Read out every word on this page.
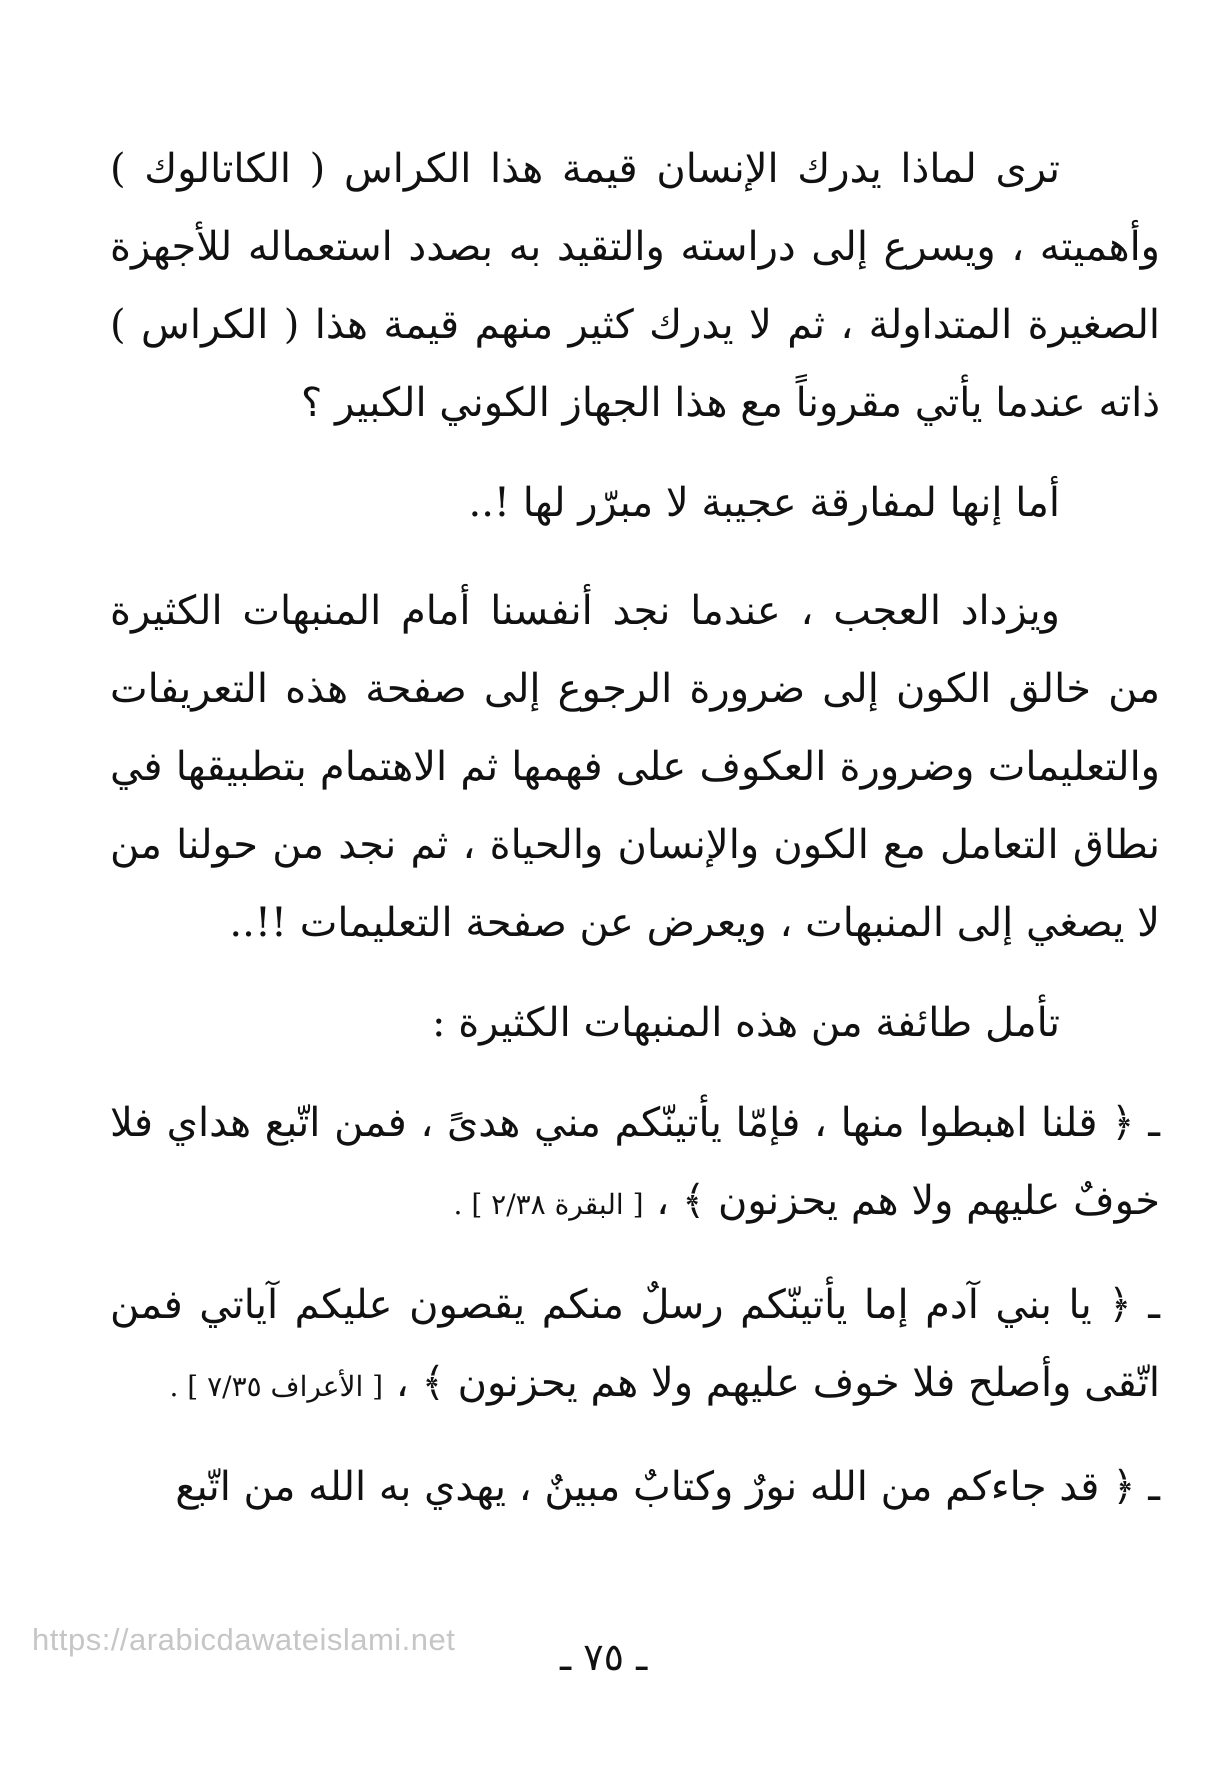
ترى لماذا يدرك الإنسان قيمة هذا الكراس ( الكاتالوك ) وأهميته ، ويسرع إلى دراسته والتقيد به بصدد استعماله للأجهزة الصغيرة المتداولة ، ثم لا يدرك كثير منهم قيمة هذا ( الكراس ) ذاته عندما يأتي مقروناً مع هذا الجهاز الكوني الكبير ؟

أما إنها لمفارقة عجيبة لا مبرّر لها !..

ويزداد العجب ، عندما نجد أنفسنا أمام المنبهات الكثيرة من خالق الكون إلى ضرورة الرجوع إلى صفحة هذه التعريفات والتعليمات وضرورة العكوف على فهمها ثم الاهتمام بتطبيقها في نطاق التعامل مع الكون والإنسان والحياة ، ثم نجد من حولنا من لا يصغي إلى المنبهات ، ويعرض عن صفحة التعليمات !!..

تأمل طائفة من هذه المنبهات الكثيرة :

ـ ﴿ قلنا اهبطوا منها ، فإمّا يأتينّكم مني هدىً ، فمن اتّبع هداي فلا خوفٌ عليهم ولا هم يحزنون ﴾ ، [ البقرة ٢/٣٨ ] .

ـ ﴿ يا بني آدم إما يأتينّكم رسلٌ منكم يقصون عليكم آياتي فمن اتّقى وأصلح فلا خوف عليهم ولا هم يحزنون ﴾ ، [ الأعراف ٧/٣٥ ] .

ـ ﴿ قد جاءكم من الله نورٌ وكتابٌ مبينٌ ، يهدي به الله من اتّبع

https://arabicdawateislami.net	ـ ٧٥ ـ
